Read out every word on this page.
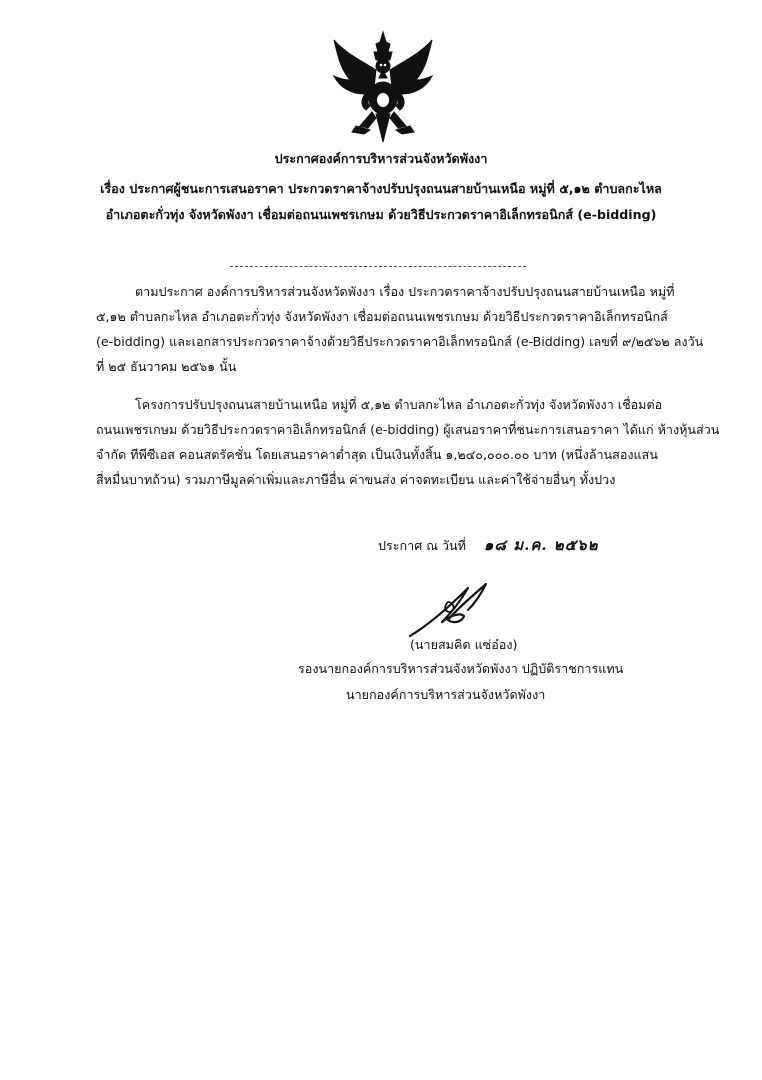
ประกาศองค์การบริหารส่วนจังหวัดพังงา
เรื่อง ประกาศผู้ชนะการเสนอราคา ประกวดราคาจ้างปรับปรุงถนนสายบ้านเหนือ หมู่ที่ ๕,๑๒ ตำบลกะไหล
อำเภอตะกั่วทุ่ง จังหวัดพังงา เชื่อมต่อถนนเพชรเกษม ด้วยวิธีประกวดราคาอิเล็กทรอนิกส์ (e-bidding)
ตามประกาศ องค์การบริหารส่วนจังหวัดพังงา เรื่อง ประกวดราคาจ้างปรับปรุงถนนสายบ้านเหนือ หมู่ที่
๕,๑๒ ตำบลกะไหล อำเภอตะกั่วทุ่ง จังหวัดพังงา เชื่อมต่อถนนเพชรเกษม ด้วยวิธีประกวดราคาอิเล็กทรอนิกส์
(e-bidding) และเอกสารประกวดราคาจ้างด้วยวิธีประกวดราคาอิเล็กทรอนิกส์ (e-Bidding) เลขที่ ๙/๒๕๖๒ ลงวัน
ที่ ๒๕ ธันวาคม ๒๕๖๑ นั้น
โครงการปรับปรุงถนนสายบ้านเหนือ หมู่ที่ ๕,๑๒ ตำบลกะไหล อำเภอตะกั่วทุ่ง จังหวัดพังงา เชื่อมต่อ
ถนนเพชรเกษม ด้วยวิธีประกวดราคาอิเล็กทรอนิกส์ (e-bidding) ผู้เสนอราคาที่ชนะการเสนอราคา ได้แก่ ห้างหุ้นส่วน
จำกัด ทีพีซีเอส คอนสตรัคชั่น โดยเสนอราคาต่ำสุด เป็นเงินทั้งสิ้น ๑,๒๔๐,๐๐๐.๐๐ บาท (หนึ่งล้านสองแสน
สี่หมื่นบาทถ้วน) รวมภาษีมูลค่าเพิ่มและภาษีอื่น ค่าขนส่ง ค่าจดทะเบียน และค่าใช้จ่ายอื่นๆ ทั้งปวง
ประกาศ ณ วันที่ ๑๘ ม.ค. ๒๕๖๒
(นายสมคิด แซ่อ๋อง)
รองนายกองค์การบริหารส่วนจังหวัดพังงา ปฏิบัติราชการแทน
นายกองค์การบริหารส่วนจังหวัดพังงา
